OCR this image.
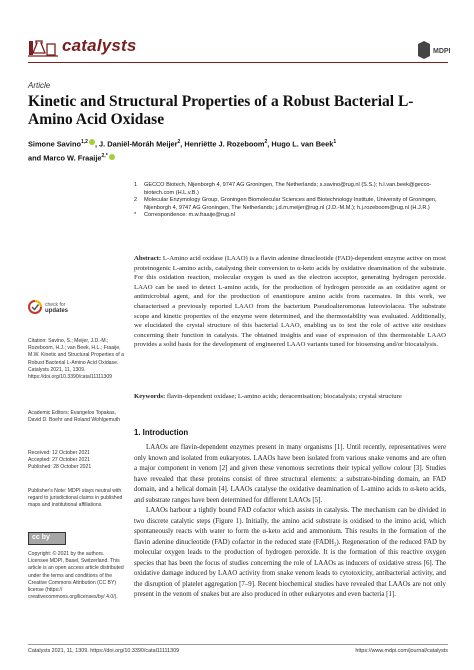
catalysts	MDPI
Article
Kinetic and Structural Properties of a Robust Bacterial L-Amino Acid Oxidase
Simone Savino$^{1,2}$ , J. Daniël-Moráh Meijer$^2$, Henriëtte J. Rozeboom$^2$, Hugo L. van Beek$^1$
and Marco W. Fraaije$^{2,*}$
1	GECCO Biotech, Nijenborgh 4, 9747 AG Groningen, The Netherlands; s.savino@rug.nl (S.S.); h.l.van.beek@gecco-biotech.com (H.L.v.B.)
2	Molecular Enzymology Group, Groningen Biomolecular Sciences and Biotechnology Institute, University of Groningen, Nijenborgh 4, 9747 AG Groningen, The Netherlands; j.d.m.meijer@rug.nl (J.D.-M.M.); h.j.rozeboom@rug.nl (H.J.R.)
*	Correspondence: m.w.fraaije@rug.nl
Abstract: L-Amino acid oxidase (LAAO) is a flavin adenine dinucleotide (FAD)-dependent enzyme active on most proteinogenic L-amino acids, catalysing their conversion to α-keto acids by oxidative deamination of the substrate. For this oxidation reaction, molecular oxygen is used as the electron acceptor, generating hydrogen peroxide. LAAO can be used to detect L-amino acids, for the production of hydrogen peroxide as an oxidative agent or antimicrobial agent, and for the production of enantiopure amino acids from racemates. In this work, we characterised a previously reported LAAO from the bacterium Pseudoalteromonas luteoviolacea. The substrate scope and kinetic properties of the enzyme were determined, and the thermostability was evaluated. Additionally, we elucidated the crystal structure of this bacterial LAAO, enabling us to test the role of active site residues concerning their function in catalysis. The obtained insights and ease of expression of this thermostable LAAO provides a solid basis for the development of engineered LAAO variants tuned for biosensing and/or biocatalysis.
Keywords: flavin-dependent oxidase; L-amino acids; deracemisation; biocatalysis; crystal structure
check for
updates
Citation: Savino, S.; Meijer, J.D.-M.; Rozeboom, H.J.; van Beek, H.L.; Fraaije, M.W. Kinetic and Structural Properties of a Robust Bacterial L-Amino Acid Oxidase. Catalysts 2021, 11, 1309. https://doi.org/10.3390/catal11111309
Academic Editors: Evangelos Topakas, David D. Boehr and Roland Wohlgemuth
Received: 12 October 2021
Accepted: 27 October 2021
Published: 28 October 2021
Publisher's Note: MDPI stays neutral with regard to jurisdictional claims in published maps and institutional affiliations.
cc by
Copyright: © 2021 by the authors. Licensee MDPI, Basel, Switzerland. This article is an open access article distributed under the terms and conditions of the Creative Commons Attribution (CC BY) license (https:// creativecommons.org/licenses/by/ 4.0/).
1. Introduction

LAAOs are flavin-dependent enzymes present in many organisms [1]. Until recently, representatives were only known and isolated from eukaryotes. LAAOs have been isolated from various snake venoms and are often a major component in venom [2] and given these venomous secretions their typical yellow colour [3]. Studies have revealed that these proteins consist of three structural elements: a substrate-binding domain, an FAD domain, and a helical domain [4]. LAAOs catalyse the oxidative deamination of L-amino acids to α-keto acids, and substrate ranges have been determined for different LAAOs [5].

LAAOs harbour a tightly bound FAD cofactor which assists in catalysis. The mechanism can be divided in two discrete catalytic steps (Figure 1). Initially, the amino acid substrate is oxidised to the imino acid, which spontaneously reacts with water to form the α-keto acid and ammonium. This results in the formation of the flavin adenine dinucleotide (FAD) cofactor in the reduced state (FADH₂). Regeneration of the reduced FAD by molecular oxygen leads to the production of hydrogen peroxide. It is the formation of this reactive oxygen species that has been the focus of studies concerning the role of LAAOs as inducers of oxidative stress [6]. The oxidative damage induced by LAAO activity from snake venom leads to cytotoxicity, antibacterial activity, and the disruption of platelet aggregation [7–9]. Recent biochemical studies have revealed that LAAOs are not only present in the venom of snakes but are also produced in other eukaryotes and even bacteria [1].

Catalysts 2021, 11, 1309. https://doi.org/10.3390/catal11111309	https://www.mdpi.com/journal/catalysts
